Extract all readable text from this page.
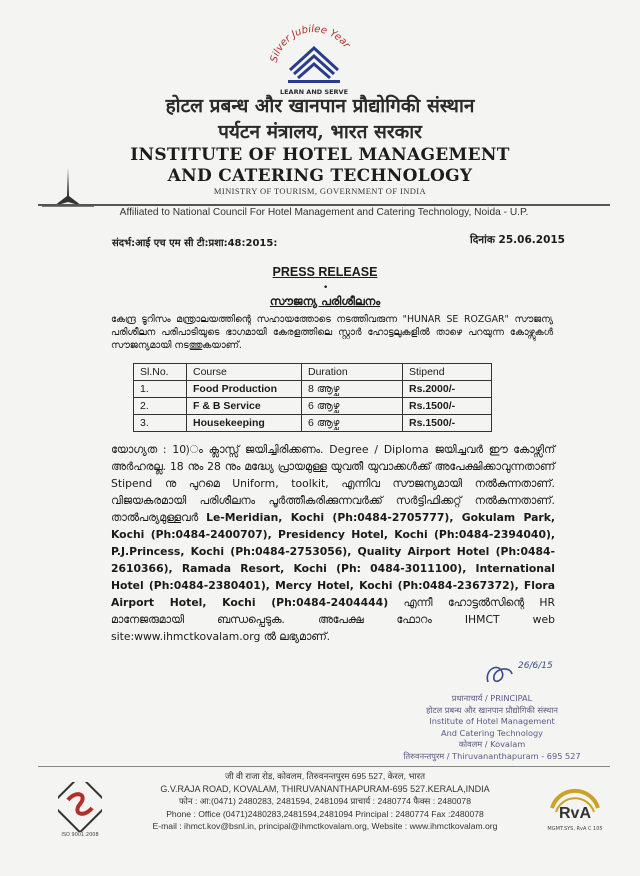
Silver Jubilee Year
LEARN AND SERVE
होटल प्रबन्ध और खानपान प्रौद्योगिकी संस्थान
पर्यटन मंत्रालय, भारत सरकार
INSTITUTE OF HOTEL MANAGEMENT
AND CATERING TECHNOLOGY
MINISTRY OF TOURISM, GOVERNMENT OF INDIA
Affiliated to National Council For Hotel Management and Catering Technology, Noida - U.P.
संदर्भ:आई एच एम सी टी:प्रशा:48:2015:	दिनांक 25.06.2015
PRESS RELEASE
•
സൗജന്യ പരിശീലനം
കേന്ദ്ര ടൂറിസം മന്ത്രാലയത്തിന്റെ സഹായത്തോടെ നടത്തിവരുന്ന "HUNAR SE ROZGAR" സൗജന്യ പരിശീലന പരിപാടിയുടെ ഭാഗമായി കേരളത്തിലെ സ്റ്റാർ ഹോട്ടലുകളിൽ താഴെ പറയുന്ന കോഴ്സുകൾ സൗജന്യമായി നടത്തുകയാണ്.
Sl.No.	Course	Duration	Stipend
1.	Food Production	8 ആഴ്ച	Rs.2000/-
2.	F & B Service	6 ആഴ്ച	Rs.1500/-
3.	Housekeeping	6 ആഴ്ച	Rs.1500/-
യോഗ്യത : 10)ം ക്ലാസ്സ് ജയിച്ചിരിക്കണം. Degree / Diploma ജയിച്ചവർ ഈ കോഴ്സിന് അർഹരല്ല. 18 നും 28 നും മദ്ധ്യേ പ്രായമുള്ള യുവതീ യുവാക്കൾക്ക് അപേക്ഷിക്കാവുന്നതാണ് Stipend നു പുറമെ Uniform, toolkit, എന്നിവ സൗജന്യമായി നൽകുന്നതാണ്. വിജയകരമായി പരിശീലനം പൂർത്തീകരിക്കുന്നവർക്ക് സർട്ടിഫിക്കറ്റ് നൽകുന്നതാണ്. താൽപര്യമുള്ളവർ Le-Meridian, Kochi (Ph:0484-2705777), Gokulam Park, Kochi (Ph:0484-2400707), Presidency Hotel, Kochi (Ph:0484-2394040), P.J.Princess, Kochi (Ph:0484-2753056), Quality Airport Hotel (Ph:0484-2610366), Ramada Resort, Kochi (Ph: 0484-3011100), International Hotel (Ph:0484-2380401), Mercy Hotel, Kochi (Ph:0484-2367372), Flora Airport Hotel, Kochi (Ph:0484-2404444) എന്നീ ഹോട്ടൽസിന്റെ HR മാനേജരുമായി ബന്ധപ്പെടുക. അപേക്ഷ ഫോറം IHMCT web site:www.ihmctkovalam.org ൽ ലഭ്യമാണ്.
26/6/15
प्रधानाचार्य / PRINCIPAL
होटल प्रबन्ध और खानपान प्रौद्योगिकी संस्थान
Institute of Hotel Management
And Catering Technology
कोवलम / Kovalam
तिरुवनन्तपुरम / Thiruvananthapuram - 695 527
ISO 9001:2008
जी वी राजा रोड, कोवलम, तिरुवनन्तपुरम 695 527, केरल, भारत
G.V.RAJA ROAD, KOVALAM, THIRUVANANTHAPURAM-695 527.KERALA,INDIA
फोन : आ:(0471) 2480283, 2481594, 2481094 प्राचार्य : 2480774 फैक्स : 2480078
Phone : Office (0471)2480283,2481594,2481094 Principal : 2480774 Fax :2480078
E-mail : ihmct.kov@bsnl.in, principal@ihmctkovalam.org, Website : www.ihmctkovalam.org
RvA
MGMT.SYS. RvA C 105
